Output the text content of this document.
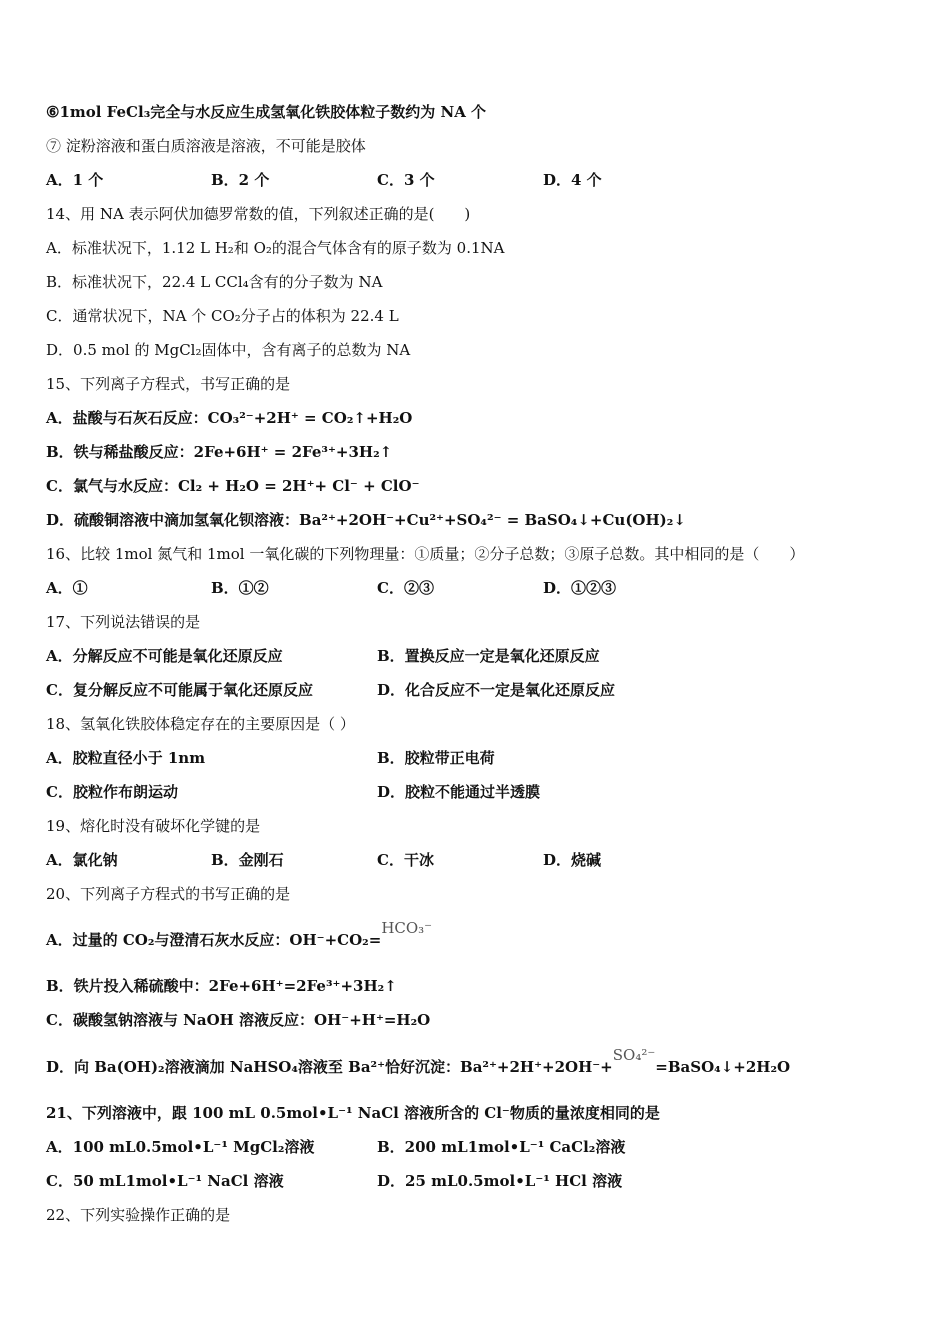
⑥1mol FeCl₃完全与水反应生成氢氧化铁胶体粒子数约为 NA 个
⑦ 淀粉溶液和蛋白质溶液是溶液，不可能是胶体
A．1 个	B．2 个	C．3 个	D．4 个
14、用 NA 表示阿伏加德罗常数的值，下列叙述正确的是(　　)
A．标准状况下，1.12 L H₂和 O₂的混合气体含有的原子数为 0.1NA
B．标准状况下，22.4 L CCl₄含有的分子数为 NA
C．通常状况下，NA 个 CO₂分子占的体积为 22.4 L
D．0.5 mol 的 MgCl₂固体中，含有离子的总数为 NA
15、下列离子方程式，书写正确的是
A．盐酸与石灰石反应：CO₃²⁻+2H⁺ = CO₂↑+H₂O
B．铁与稀盐酸反应：2Fe+6H⁺ = 2Fe³⁺+3H₂↑
C．氯气与水反应：Cl₂ + H₂O = 2H⁺+ Cl⁻ + ClO⁻
D．硫酸铜溶液中滴加氢氧化钡溶液：Ba²⁺+2OH⁻+Cu²⁺+SO₄²⁻ = BaSO₄↓+Cu(OH)₂↓
16、比较 1mol 氮气和 1mol 一氧化碳的下列物理量：①质量；②分子总数；③原子总数。其中相同的是（　　）
A．①	B．①②	C．②③	D．①②③
17、下列说法错误的是
A．分解反应不可能是氧化还原反应	B．置换反应一定是氧化还原反应
C．复分解反应不可能属于氧化还原反应	D．化合反应不一定是氧化还原反应
18、氢氧化铁胶体稳定存在的主要原因是（ ）
A．胶粒直径小于 1nm	B．胶粒带正电荷
C．胶粒作布朗运动	D．胶粒不能通过半透膜
19、熔化时没有破坏化学键的是
A．氯化钠	B．金刚石	C．干冰	D．烧碱
20、下列离子方程式的书写正确的是
A．过量的 CO₂与澄清石灰水反应：OH⁻+CO₂=HCO₃⁻
B．铁片投入稀硫酸中：2Fe+6H⁺=2Fe³⁺+3H₂↑
C．碳酸氢钠溶液与 NaOH 溶液反应：OH⁻+H⁺=H₂O
D．向 Ba(OH)₂溶液滴加 NaHSO₄溶液至 Ba²⁺恰好沉淀：Ba²⁺+2H⁺+2OH⁻+SO₄²⁻=BaSO₄↓+2H₂O
21、下列溶液中，跟 100 mL 0.5mol•L⁻¹ NaCl 溶液所含的 Cl⁻物质的量浓度相同的是
A．100 mL0.5mol•L⁻¹ MgCl₂溶液	B．200 mL1mol•L⁻¹ CaCl₂溶液
C．50 mL1mol•L⁻¹ NaCl 溶液	D．25 mL0.5mol•L⁻¹ HCl 溶液
22、下列实验操作正确的是
